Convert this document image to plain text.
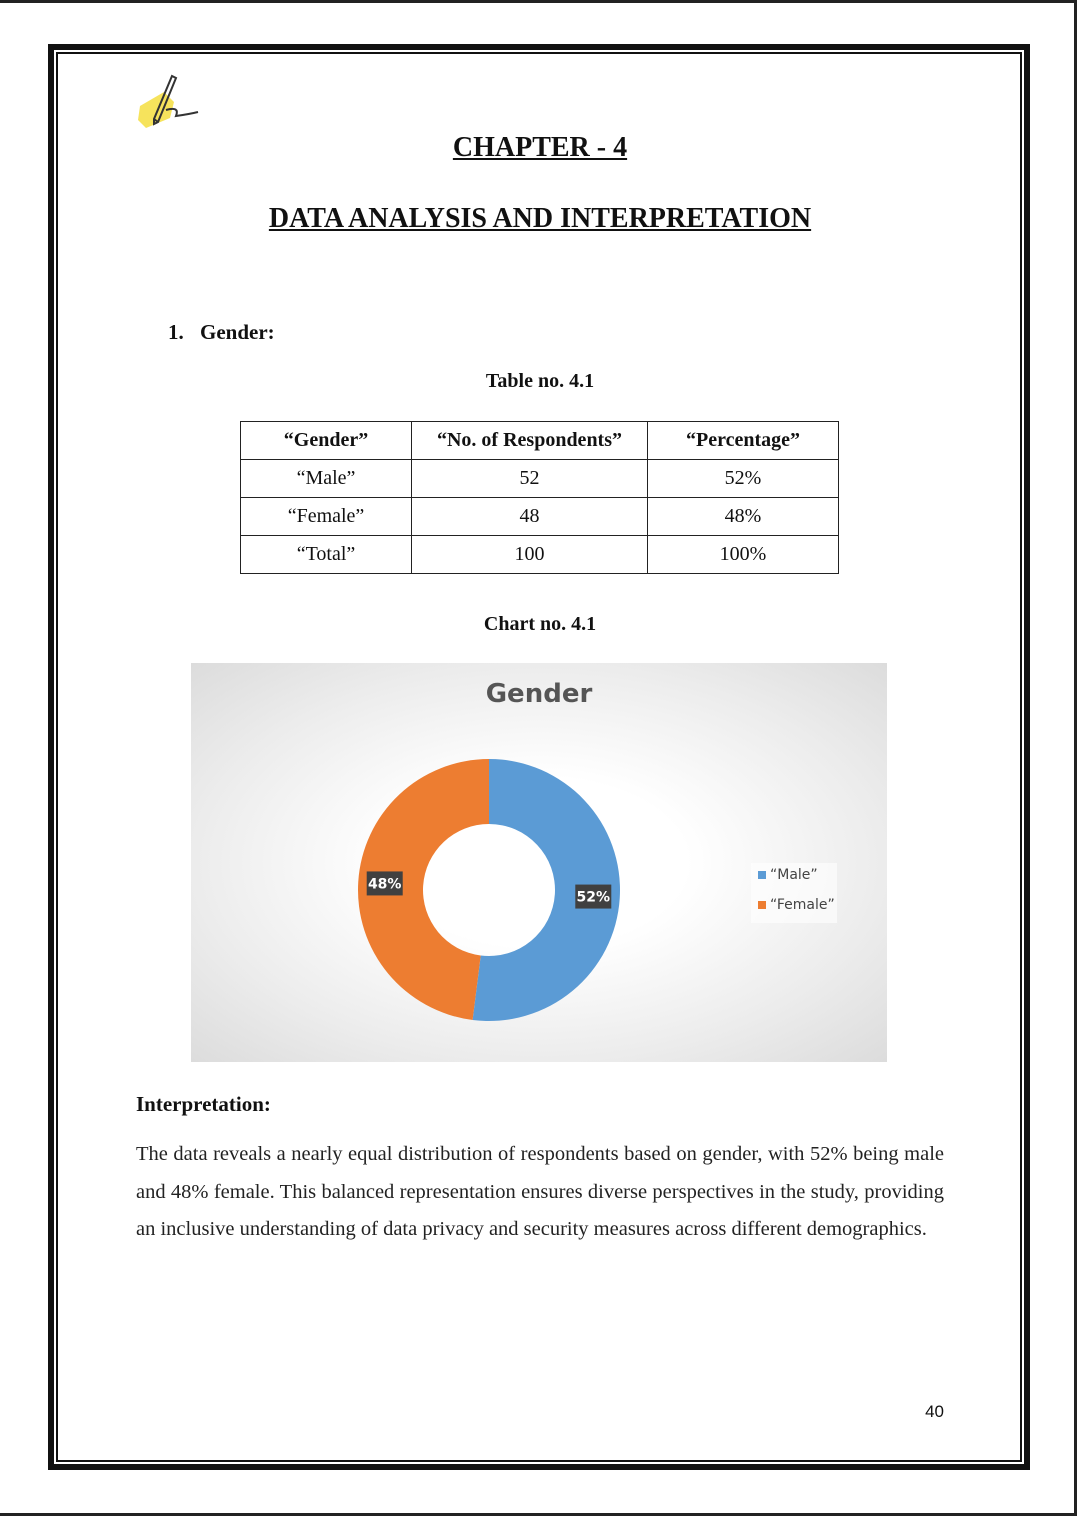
CHAPTER - 4
DATA ANALYSIS AND INTERPRETATION
1. Gender:
Table no. 4.1
“Gender”	“No. of Respondents”	“Percentage”
“Male”	52	52%
“Female”	48	48%
“Total”	100	100%
Chart no. 4.1
Gender
52%
48%
“Male”
“Female”
Interpretation:
The data reveals a nearly equal distribution of respondents based on gender, with 52% being male and 48% female. This balanced representation ensures diverse perspectives in the study, providing an inclusive understanding of data privacy and security measures across different demographics.
40
